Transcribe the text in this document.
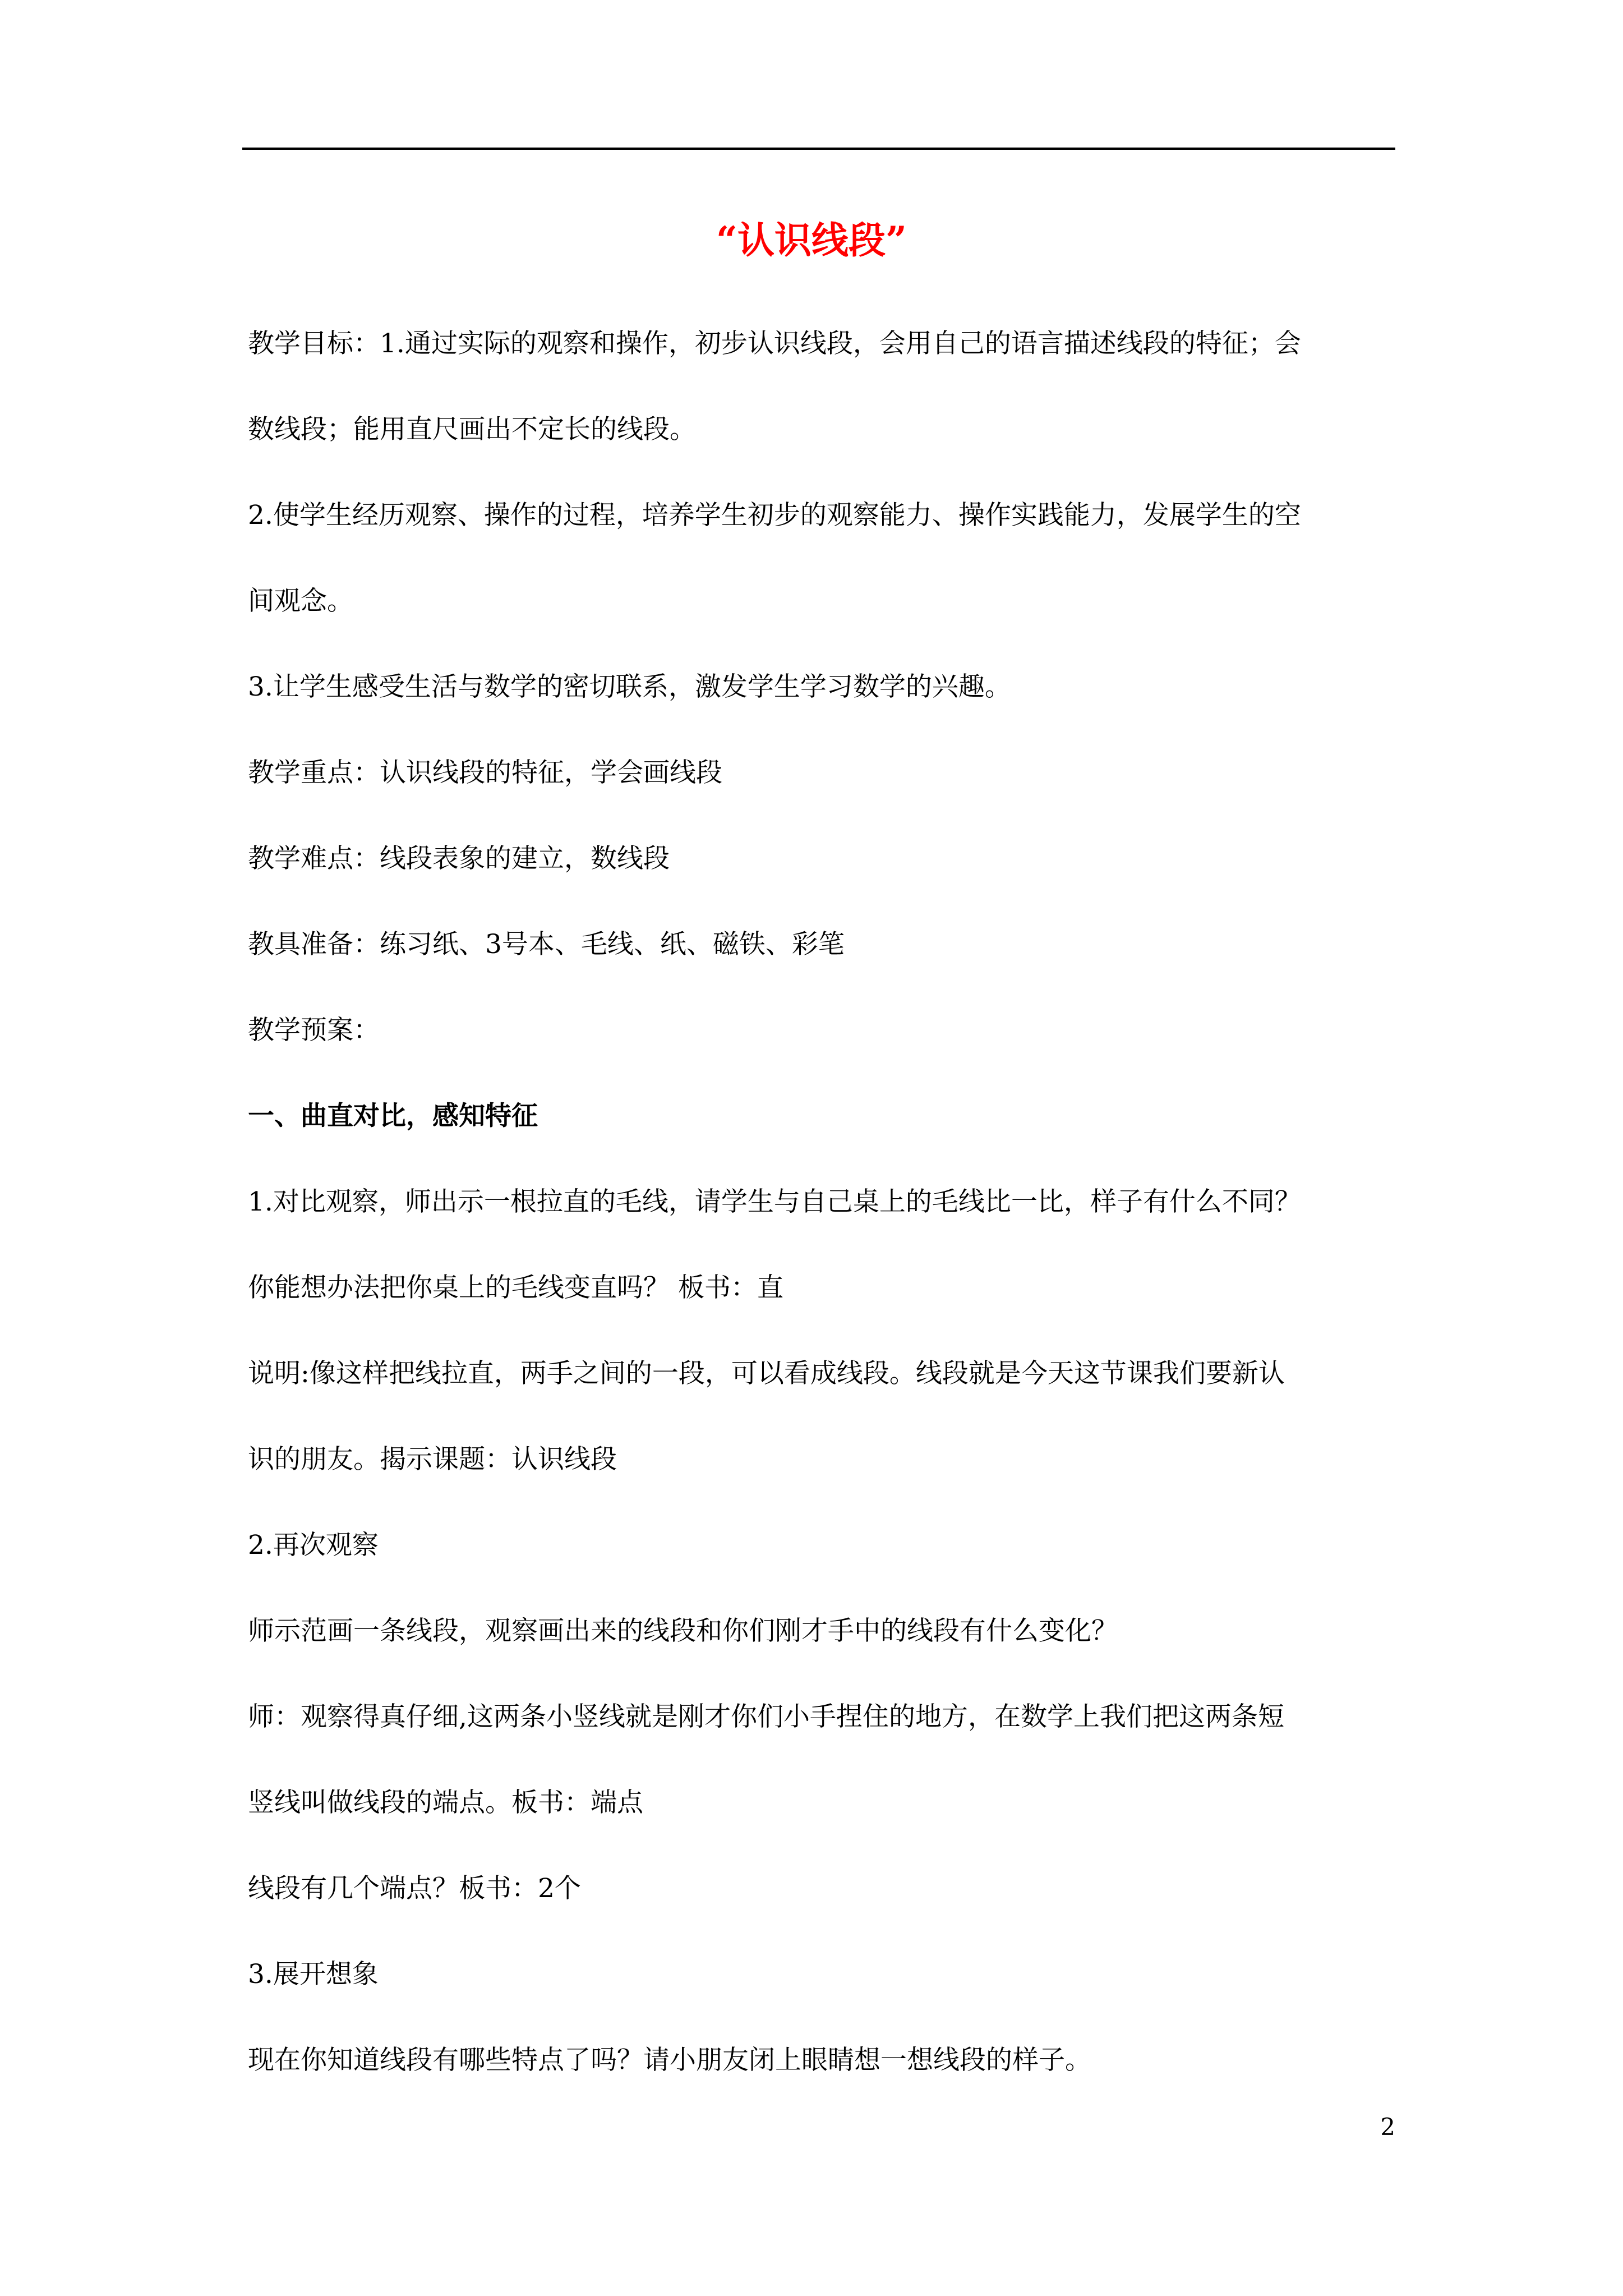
“认识线段”
教学目标：1.通过实际的观察和操作，初步认识线段，会用自己的语言描述线段的特征；会
数线段；能用直尺画出不定长的线段。
2.使学生经历观察、操作的过程，培养学生初步的观察能力、操作实践能力，发展学生的空
间观念。
3.让学生感受生活与数学的密切联系，激发学生学习数学的兴趣。
教学重点：认识线段的特征，学会画线段
教学难点：线段表象的建立，数线段
教具准备：练习纸、3号本、毛线、纸、磁铁、彩笔
教学预案：
一、曲直对比，感知特征
1.对比观察，师出示一根拉直的毛线，请学生与自己桌上的毛线比一比，样子有什么不同？
你能想办法把你桌上的毛线变直吗？ 板书：直
说明:像这样把线拉直，两手之间的一段，可以看成线段。线段就是今天这节课我们要新认
识的朋友。揭示课题：认识线段
2.再次观察
师示范画一条线段，观察画出来的线段和你们刚才手中的线段有什么变化？
师：观察得真仔细,这两条小竖线就是刚才你们小手捏住的地方，在数学上我们把这两条短
竖线叫做线段的端点。板书：端点
线段有几个端点？板书：2个
3.展开想象
现在你知道线段有哪些特点了吗？请小朋友闭上眼睛想一想线段的样子。
2
